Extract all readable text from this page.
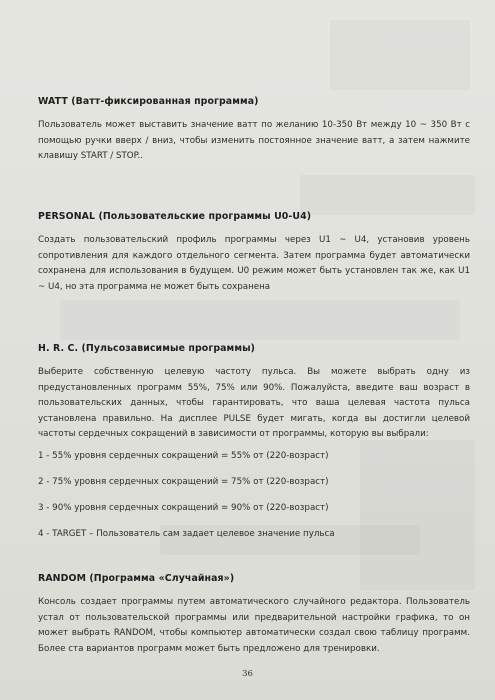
WATT (Ватт-фиксированная программа)

Пользователь может выставить значение ватт по желанию 10-350 Вт между 10 ~ 350 Вт с помощью ручки вверх / вниз, чтобы изменить постоянное значение ватт, а затем нажмите клавишу START / STOP..

PERSONAL (Пользовательские программы U0-U4)

Создать пользовательский профиль программы через U1 ~ U4, установив уровень сопротивления для каждого отдельного сегмента. Затем программа будет автоматически сохранена для использования в будущем. U0 режим может быть установлен так же, как U1 ~ U4, но эта программа не может быть сохранена

H. R. C. (Пульсозависимые программы)

Выберите собственную целевую частоту пульса. Вы можете выбрать одну из предустановленных программ 55%, 75% или 90%. Пожалуйста, введите ваш возраст в пользовательских данных, чтобы гарантировать, что ваша целевая частота пульса установлена правильно. На дисплее PULSE будет мигать, когда вы достигли целевой частоты сердечных сокращений в зависимости от программы, которую вы выбрали:

1 - 55% уровня сердечных сокращений = 55% от (220-возраст)
2 - 75% уровня сердечных сокращений = 75% от (220-возраст)
3 - 90% уровня сердечных сокращений = 90% от (220-возраст)
4 - TARGET – Пользователь сам задает целевое значение пульса
RANDOM (Программа «Случайная»)

Консоль создает программы путем автоматического случайного редактора. Пользователь устал от пользовательской программы или предварительной настройки графика, то он может выбрать RANDOM, чтобы компьютер автоматически создал свою таблицу программ. Более ста вариантов программ может быть предложено для тренировки.

36
